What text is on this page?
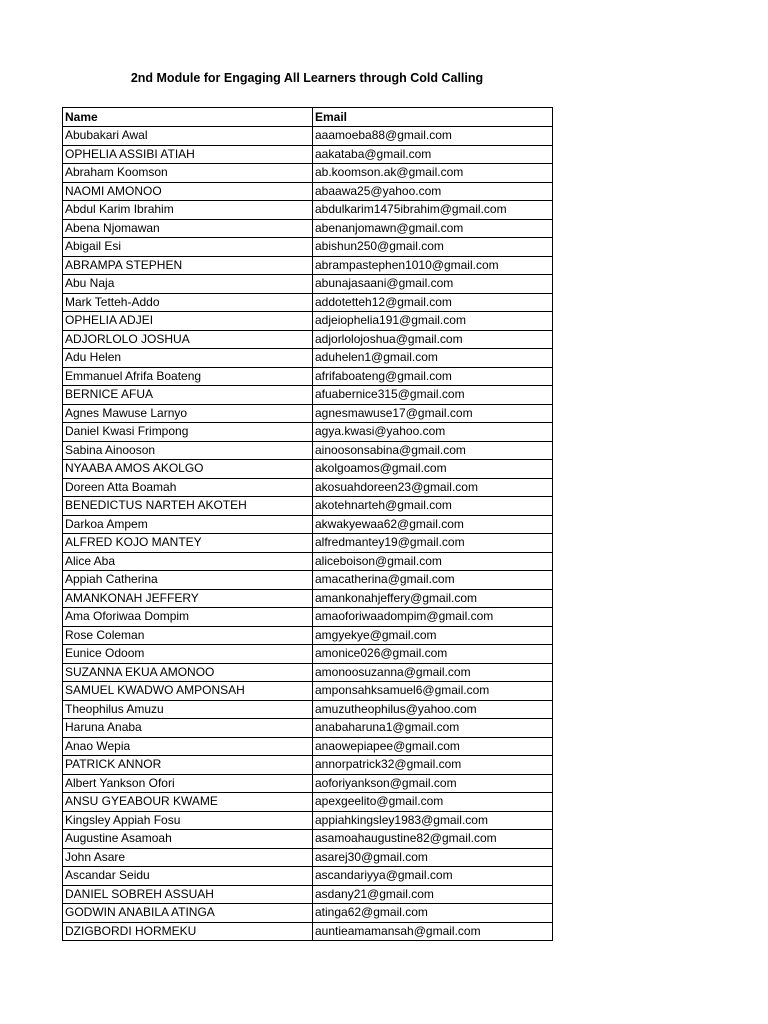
2nd Module for Engaging All Learners through Cold Calling
Name	Email
Abubakari Awal	aaamoeba88@gmail.com
OPHELIA ASSIBI ATIAH	aakataba@gmail.com
Abraham Koomson	ab.koomson.ak@gmail.com
NAOMI AMONOO	abaawa25@yahoo.com
Abdul Karim Ibrahim	abdulkarim1475ibrahim@gmail.com
Abena Njomawan	abenanjomawn@gmail.com
Abigail Esi	abishun250@gmail.com
ABRAMPA STEPHEN	abrampastephen1010@gmail.com
Abu Naja	abunajasaani@gmail.com
Mark Tetteh-Addo	addotetteh12@gmail.com
OPHELIA ADJEI	adjeiophelia191@gmail.com
ADJORLOLO JOSHUA	adjorlolojoshua@gmail.com
Adu Helen	aduhelen1@gmail.com
Emmanuel Afrifa Boateng	afrifaboateng@gmail.com
BERNICE AFUA	afuabernice315@gmail.com
Agnes Mawuse Larnyo	agnesmawuse17@gmail.com
Daniel Kwasi Frimpong	agya.kwasi@yahoo.com
Sabina Ainooson	ainoosonsabina@gmail.com
NYAABA AMOS AKOLGO	akolgoamos@gmail.com
Doreen Atta Boamah	akosuahdoreen23@gmail.com
BENEDICTUS NARTEH AKOTEH	akotehnarteh@gmail.com
Darkoa Ampem	akwakyewaa62@gmail.com
ALFRED KOJO MANTEY	alfredmantey19@gmail.com
Alice Aba	aliceboison@gmail.com
Appiah Catherina	amacatherina@gmail.com
AMANKONAH JEFFERY	amankonahjeffery@gmail.com
Ama Oforiwaa Dompim	amaoforiwaadompim@gmail.com
Rose Coleman	amgyekye@gmail.com
Eunice Odoom	amonice026@gmail.com
SUZANNA EKUA AMONOO	amonoosuzanna@gmail.com
SAMUEL KWADWO AMPONSAH	amponsahksamuel6@gmail.com
Theophilus Amuzu	amuzutheophilus@yahoo.com
Haruna Anaba	anabaharuna1@gmail.com
Anao Wepia	anaowepiapee@gmail.com
PATRICK ANNOR	annorpatrick32@gmail.com
Albert Yankson Ofori	aoforiyankson@gmail.com
ANSU GYEABOUR KWAME	apexgeelito@gmail.com
Kingsley Appiah Fosu	appiahkingsley1983@gmail.com
Augustine Asamoah	asamoahaugustine82@gmail.com
John Asare	asarej30@gmail.com
Ascandar Seidu	ascandariyya@gmail.com
DANIEL SOBREH ASSUAH	asdany21@gmail.com
GODWIN ANABILA ATINGA	atinga62@gmail.com
DZIGBORDI HORMEKU	auntieamamansah@gmail.com
